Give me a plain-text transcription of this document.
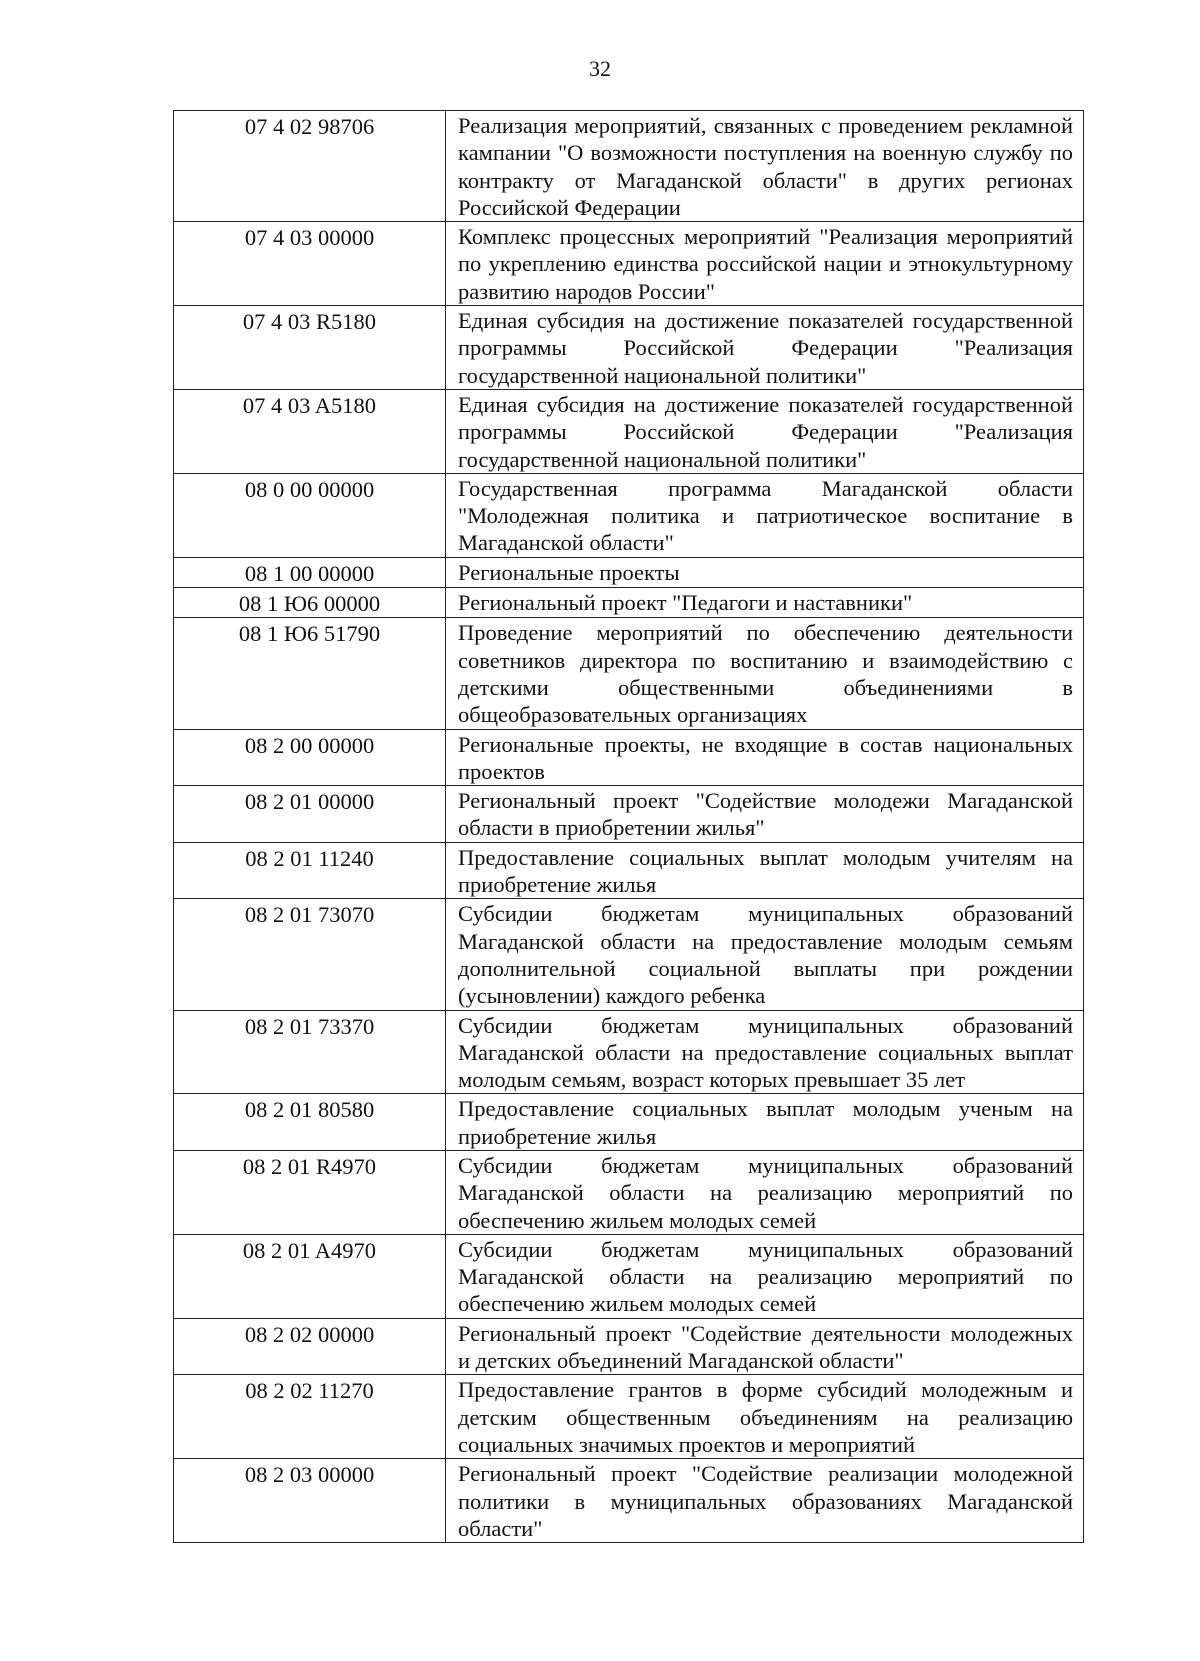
32
07 4 02 98706	Реализация мероприятий, связанных с проведением рекламной кампании "О возможности поступления на военную службу по контракту от Магаданской области" в других регионах Российской Федерации
07 4 03 00000	Комплекс процессных мероприятий "Реализация мероприятий по укреплению единства российской нации и этнокультурному развитию народов России"
07 4 03 R5180	Единая субсидия на достижение показателей государственной программы Российской Федерации "Реализация государственной национальной политики"
07 4 03 A5180	Единая субсидия на достижение показателей государственной программы Российской Федерации "Реализация государственной национальной политики"
08 0 00 00000	Государственная программа Магаданской области "Молодежная политика и патриотическое воспитание в Магаданской области"
08 1 00 00000	Региональные проекты
08 1 Ю6 00000	Региональный проект "Педагоги и наставники"
08 1 Ю6 51790	Проведение мероприятий по обеспечению деятельности советников директора по воспитанию и взаимодействию с детскими общественными объединениями в общеобразовательных организациях
08 2 00 00000	Региональные проекты, не входящие в состав национальных проектов
08 2 01 00000	Региональный проект "Содействие молодежи Магаданской области в приобретении жилья"
08 2 01 11240	Предоставление социальных выплат молодым учителям на приобретение жилья
08 2 01 73070	Субсидии бюджетам муниципальных образований Магаданской области на предоставление молодым семьям дополнительной социальной выплаты при рождении (усыновлении) каждого ребенка
08 2 01 73370	Субсидии бюджетам муниципальных образований Магаданской области на предоставление социальных выплат молодым семьям, возраст которых превышает 35 лет
08 2 01 80580	Предоставление социальных выплат молодым ученым на приобретение жилья
08 2 01 R4970	Субсидии бюджетам муниципальных образований Магаданской области на реализацию мероприятий по обеспечению жильем молодых семей
08 2 01 A4970	Субсидии бюджетам муниципальных образований Магаданской области на реализацию мероприятий по обеспечению жильем молодых семей
08 2 02 00000	Региональный проект "Содействие деятельности молодежных и детских объединений Магаданской области"
08 2 02 11270	Предоставление грантов в форме субсидий молодежным и детским общественным объединениям на реализацию социальных значимых проектов и мероприятий
08 2 03 00000	Региональный проект "Содействие реализации молодежной политики в муниципальных образованиях Магаданской области"
